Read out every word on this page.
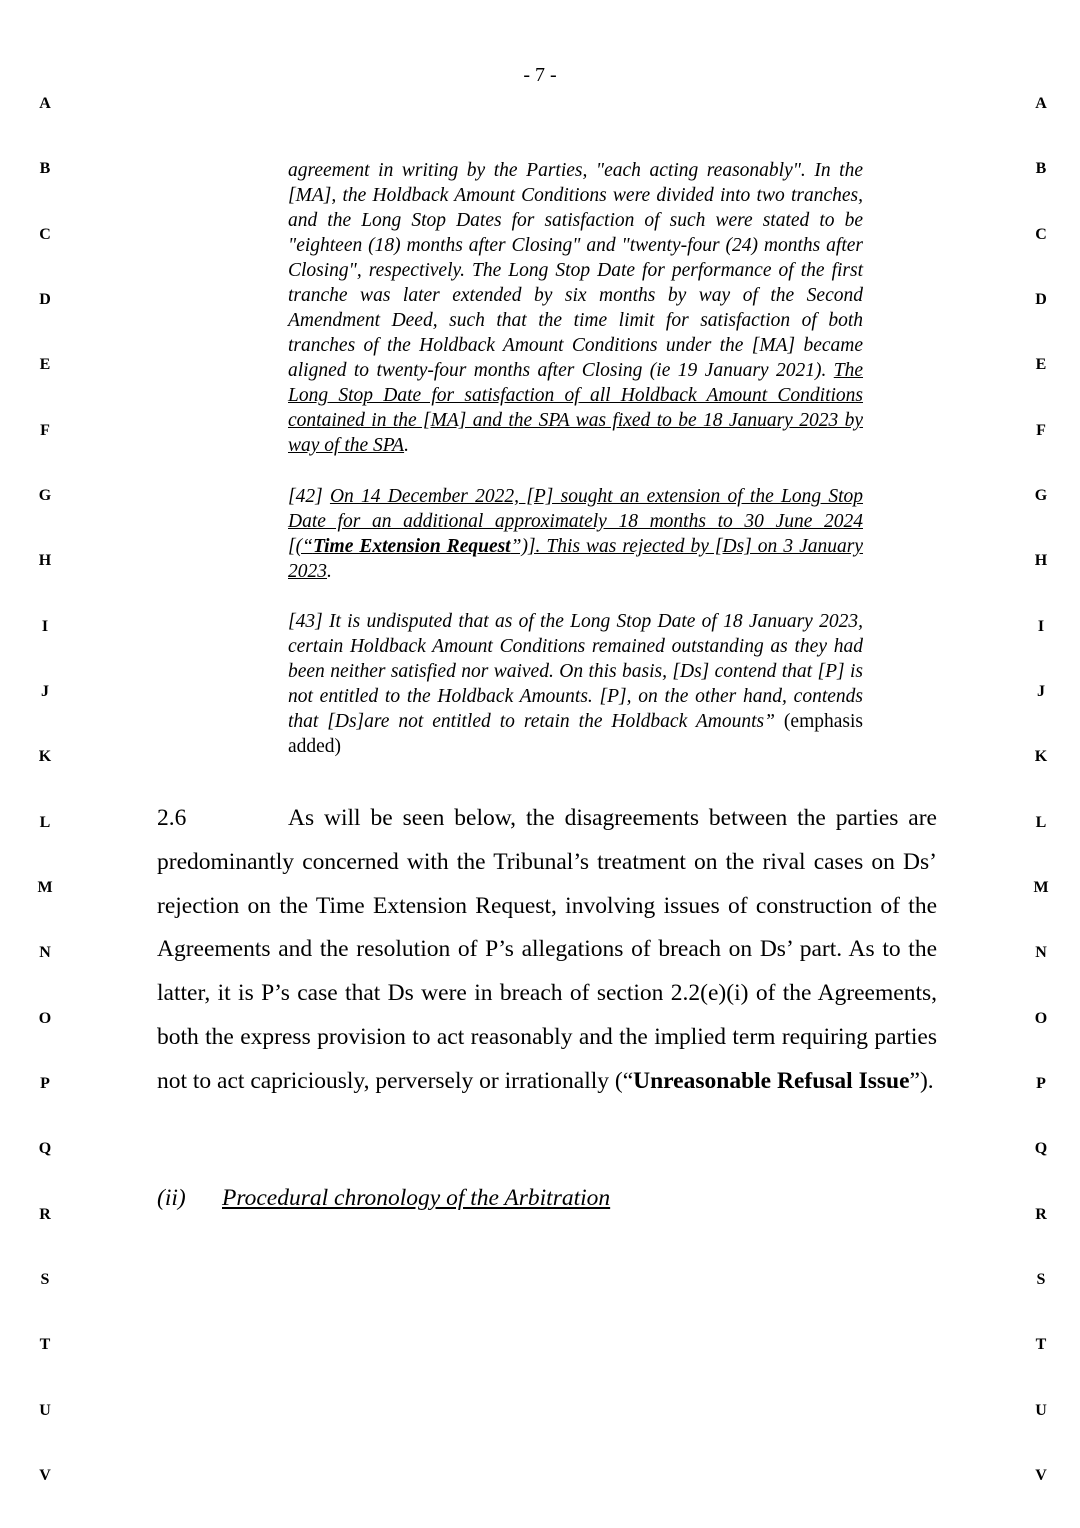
- 7 -
A
B
C
D
E
F
G
H
I
J
K
L
M
N
O
P
Q
R
S
T
U
V
A
B
C
D
E
F
G
H
I
J
K
L
M
N
O
P
Q
R
S
T
U
V

agreement in writing by the Parties, "each acting reasonably". In the [MA], the Holdback Amount Conditions were divided into two tranches, and the Long Stop Dates for satisfaction of such were stated to be "eighteen (18) months after Closing" and "twenty-four (24) months after Closing", respectively. The Long Stop Date for performance of the first tranche was later extended by six months by way of the Second Amendment Deed, such that the time limit for satisfaction of both tranches of the Holdback Amount Conditions under the [MA] became aligned to twenty-four months after Closing (ie 19 January 2021). The Long Stop Date for satisfaction of all Holdback Amount Conditions contained in the [MA] and the SPA was fixed to be 18 January 2023 by way of the SPA.

[42] On 14 December 2022, [P] sought an extension of the Long Stop Date for an additional approximately 18 months to 30 June 2024 [(“Time Extension Request”)]. This was rejected by [Ds] on 3 January 2023.

[43] It is undisputed that as of the Long Stop Date of 18 January 2023, certain Holdback Amount Conditions remained outstanding as they had been neither satisfied nor waived. On this basis, [Ds] contend that [P] is not entitled to the Holdback Amounts. [P], on the other hand, contends that [Ds]are not entitled to retain the Holdback Amounts” (emphasis added)

2.6	As will be seen below, the disagreements between the parties are predominantly concerned with the Tribunal’s treatment on the rival cases on Ds’ rejection on the Time Extension Request, involving issues of construction of the Agreements and the resolution of P’s allegations of breach on Ds’ part. As to the latter, it is P’s case that Ds were in breach of section 2.2(e)(i) of the Agreements, both the express provision to act reasonably and the implied term requiring parties not to act capriciously, perversely or irrationally (“Unreasonable Refusal Issue”).
(ii) Procedural chronology of the Arbitration
